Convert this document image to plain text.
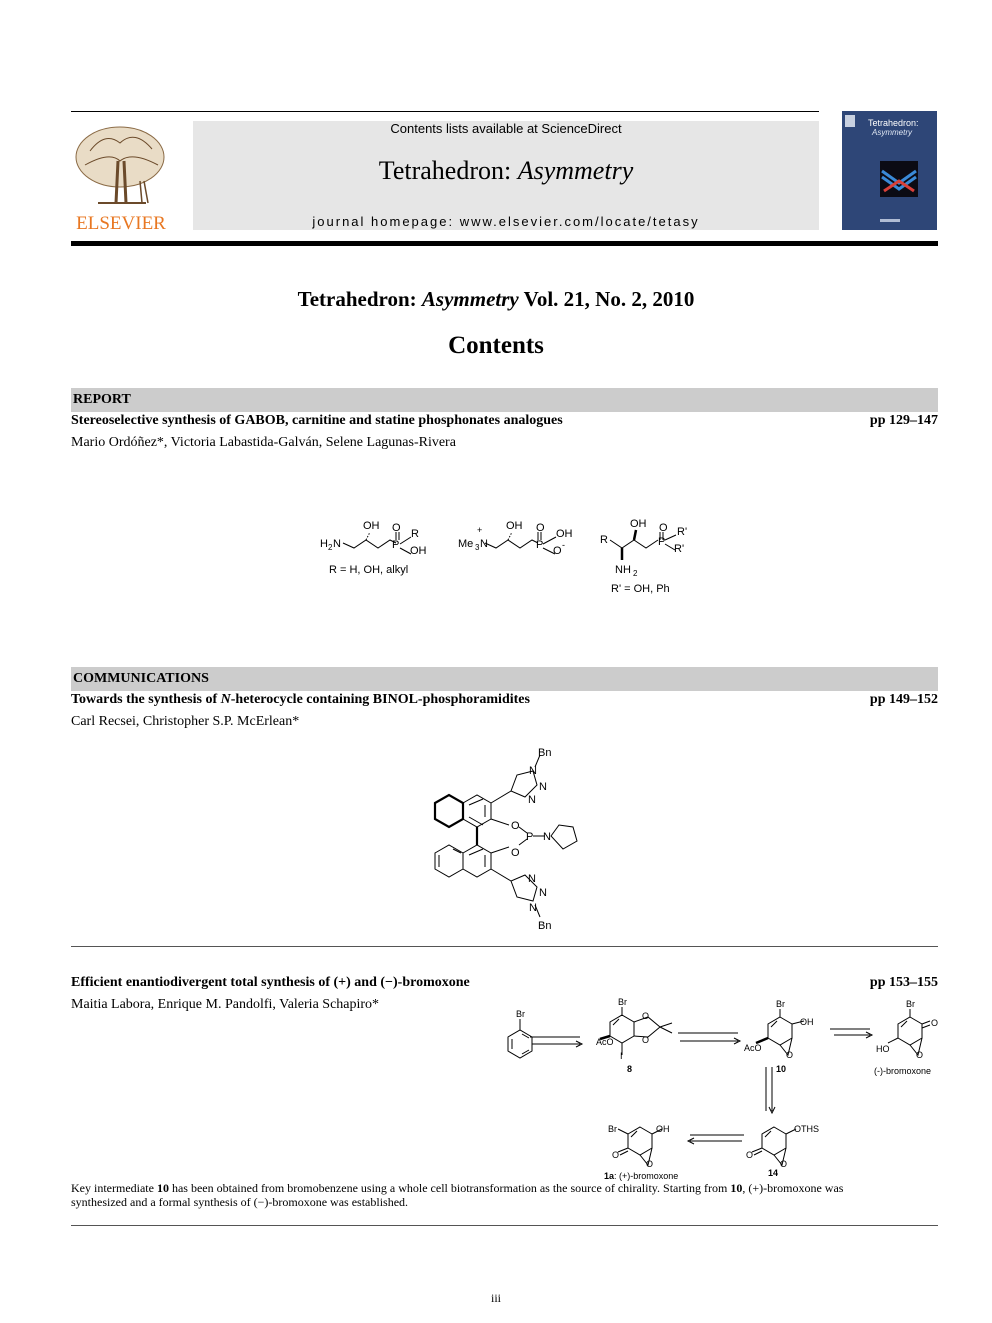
ELSEVIER
Contents lists available at ScienceDirect
Tetrahedron: Asymmetry
journal homepage: www.elsevier.com/locate/tetasy
Tetrahedron:
Asymmetry
Tetrahedron: Asymmetry Vol. 21, No. 2, 2010
Contents
REPORT
Stereoselective synthesis of GABOB, carnitine and statine phosphonates analogues	pp 129–147
Mario Ordóñez*, Victoria Labastida-Galván, Selene Lagunas-Rivera
H 2 N
OH O
P
R
OH
R = H, OH, alkyl
+
Me 3 N
OH O
P
OH
O -	R
OH O
P
R'
R'
NH 2
R' = OH, Ph
COMMUNICATIONS
Towards the synthesis of N-heterocycle containing BINOL-phosphoramidites	pp 149–152
Carl Recsei, Christopher S.P. McErlean*
Bn
N
N
N
O
P N
O
N
N
N
Bn
Efficient enantiodivergent total synthesis of (+) and (−)-bromoxone	pp 153–155
Maitia Labora, Enrique M. Pandolfi, Valeria Schapiro*
Br
Br
O
O
AcO
I
8
Br
OH
AcO
O
10
Br
O
HO
O
(-)-bromoxone
OTHS
O
O
14
Br	OH
O
O
1a: (+)-bromoxone
Key intermediate 10 has been obtained from bromobenzene using a whole cell biotransformation as the source of chirality. Starting from 10, (+)-bromoxone was synthesized and a formal synthesis of (−)-bromoxone was established.
iii
